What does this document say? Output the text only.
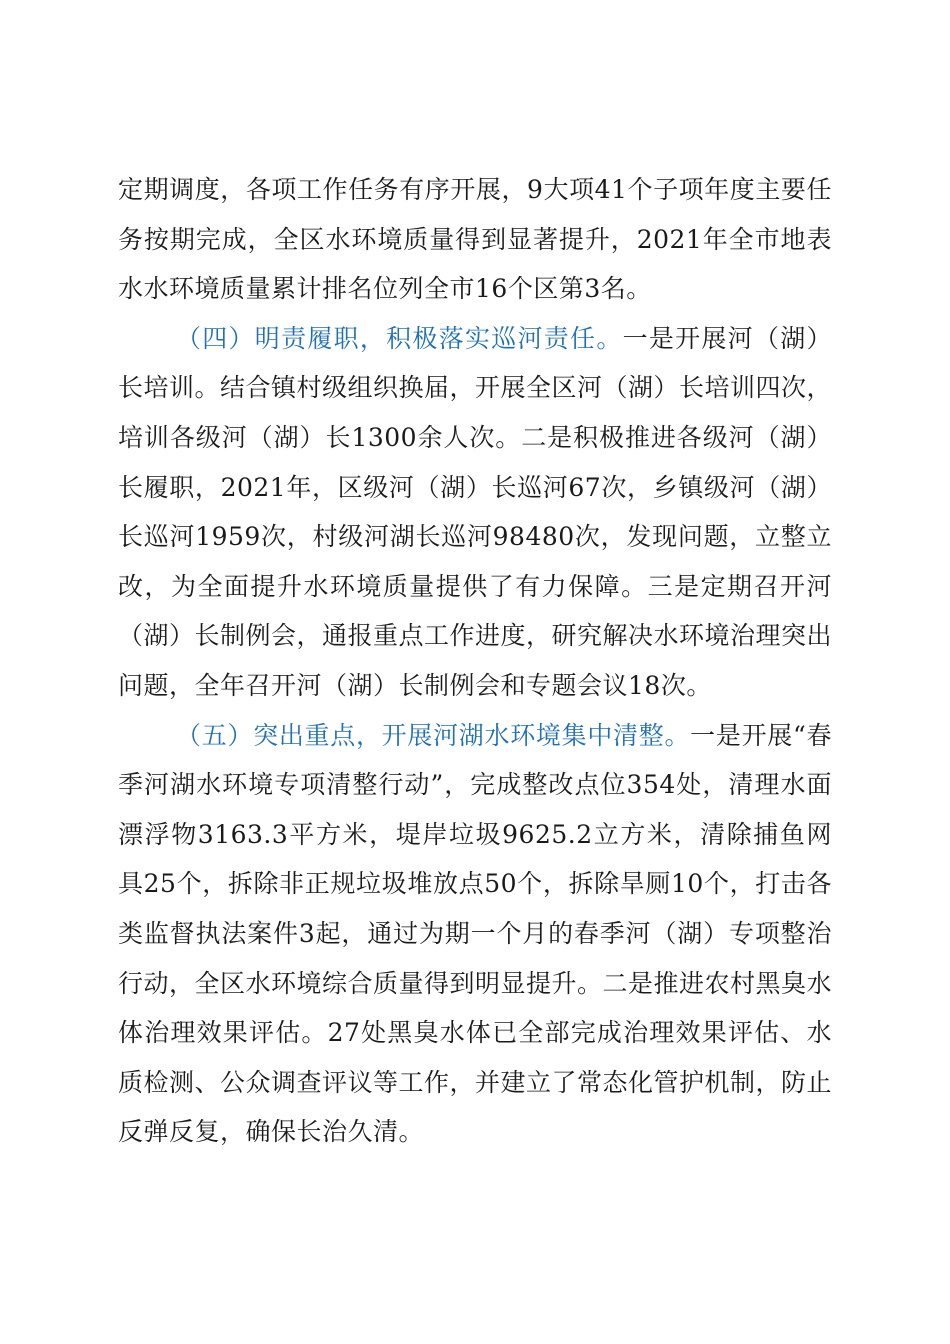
定期调度，各项工作任务有序开展，9大项41个子项年度主要任务按期完成，全区水环境质量得到显著提升，2021年全市地表水水环境质量累计排名位列全市16个区第3名。

（四）明责履职，积极落实巡河责任。一是开展河（湖）长培训。结合镇村级组织换届，开展全区河（湖）长培训四次，培训各级河（湖）长1300余人次。二是积极推进各级河（湖）长履职，2021年，区级河（湖）长巡河67次，乡镇级河（湖）长巡河1959次，村级河湖长巡河98480次，发现问题，立整立改，为全面提升水环境质量提供了有力保障。三是定期召开河（湖）长制例会，通报重点工作进度，研究解决水环境治理突出问题，全年召开河（湖）长制例会和专题会议18次。

（五）突出重点，开展河湖水环境集中清整。一是开展“春季河湖水环境专项清整行动”，完成整改点位354处，清理水面漂浮物3163.3平方米，堤岸垃圾9625.2立方米，清除捕鱼网具25个，拆除非正规垃圾堆放点50个，拆除旱厕10个，打击各类监督执法案件3起，通过为期一个月的春季河（湖）专项整治行动，全区水环境综合质量得到明显提升。二是推进农村黑臭水体治理效果评估。27处黑臭水体已全部完成治理效果评估、水质检测、公众调查评议等工作，并建立了常态化管护机制，防止反弹反复，确保长治久清。
